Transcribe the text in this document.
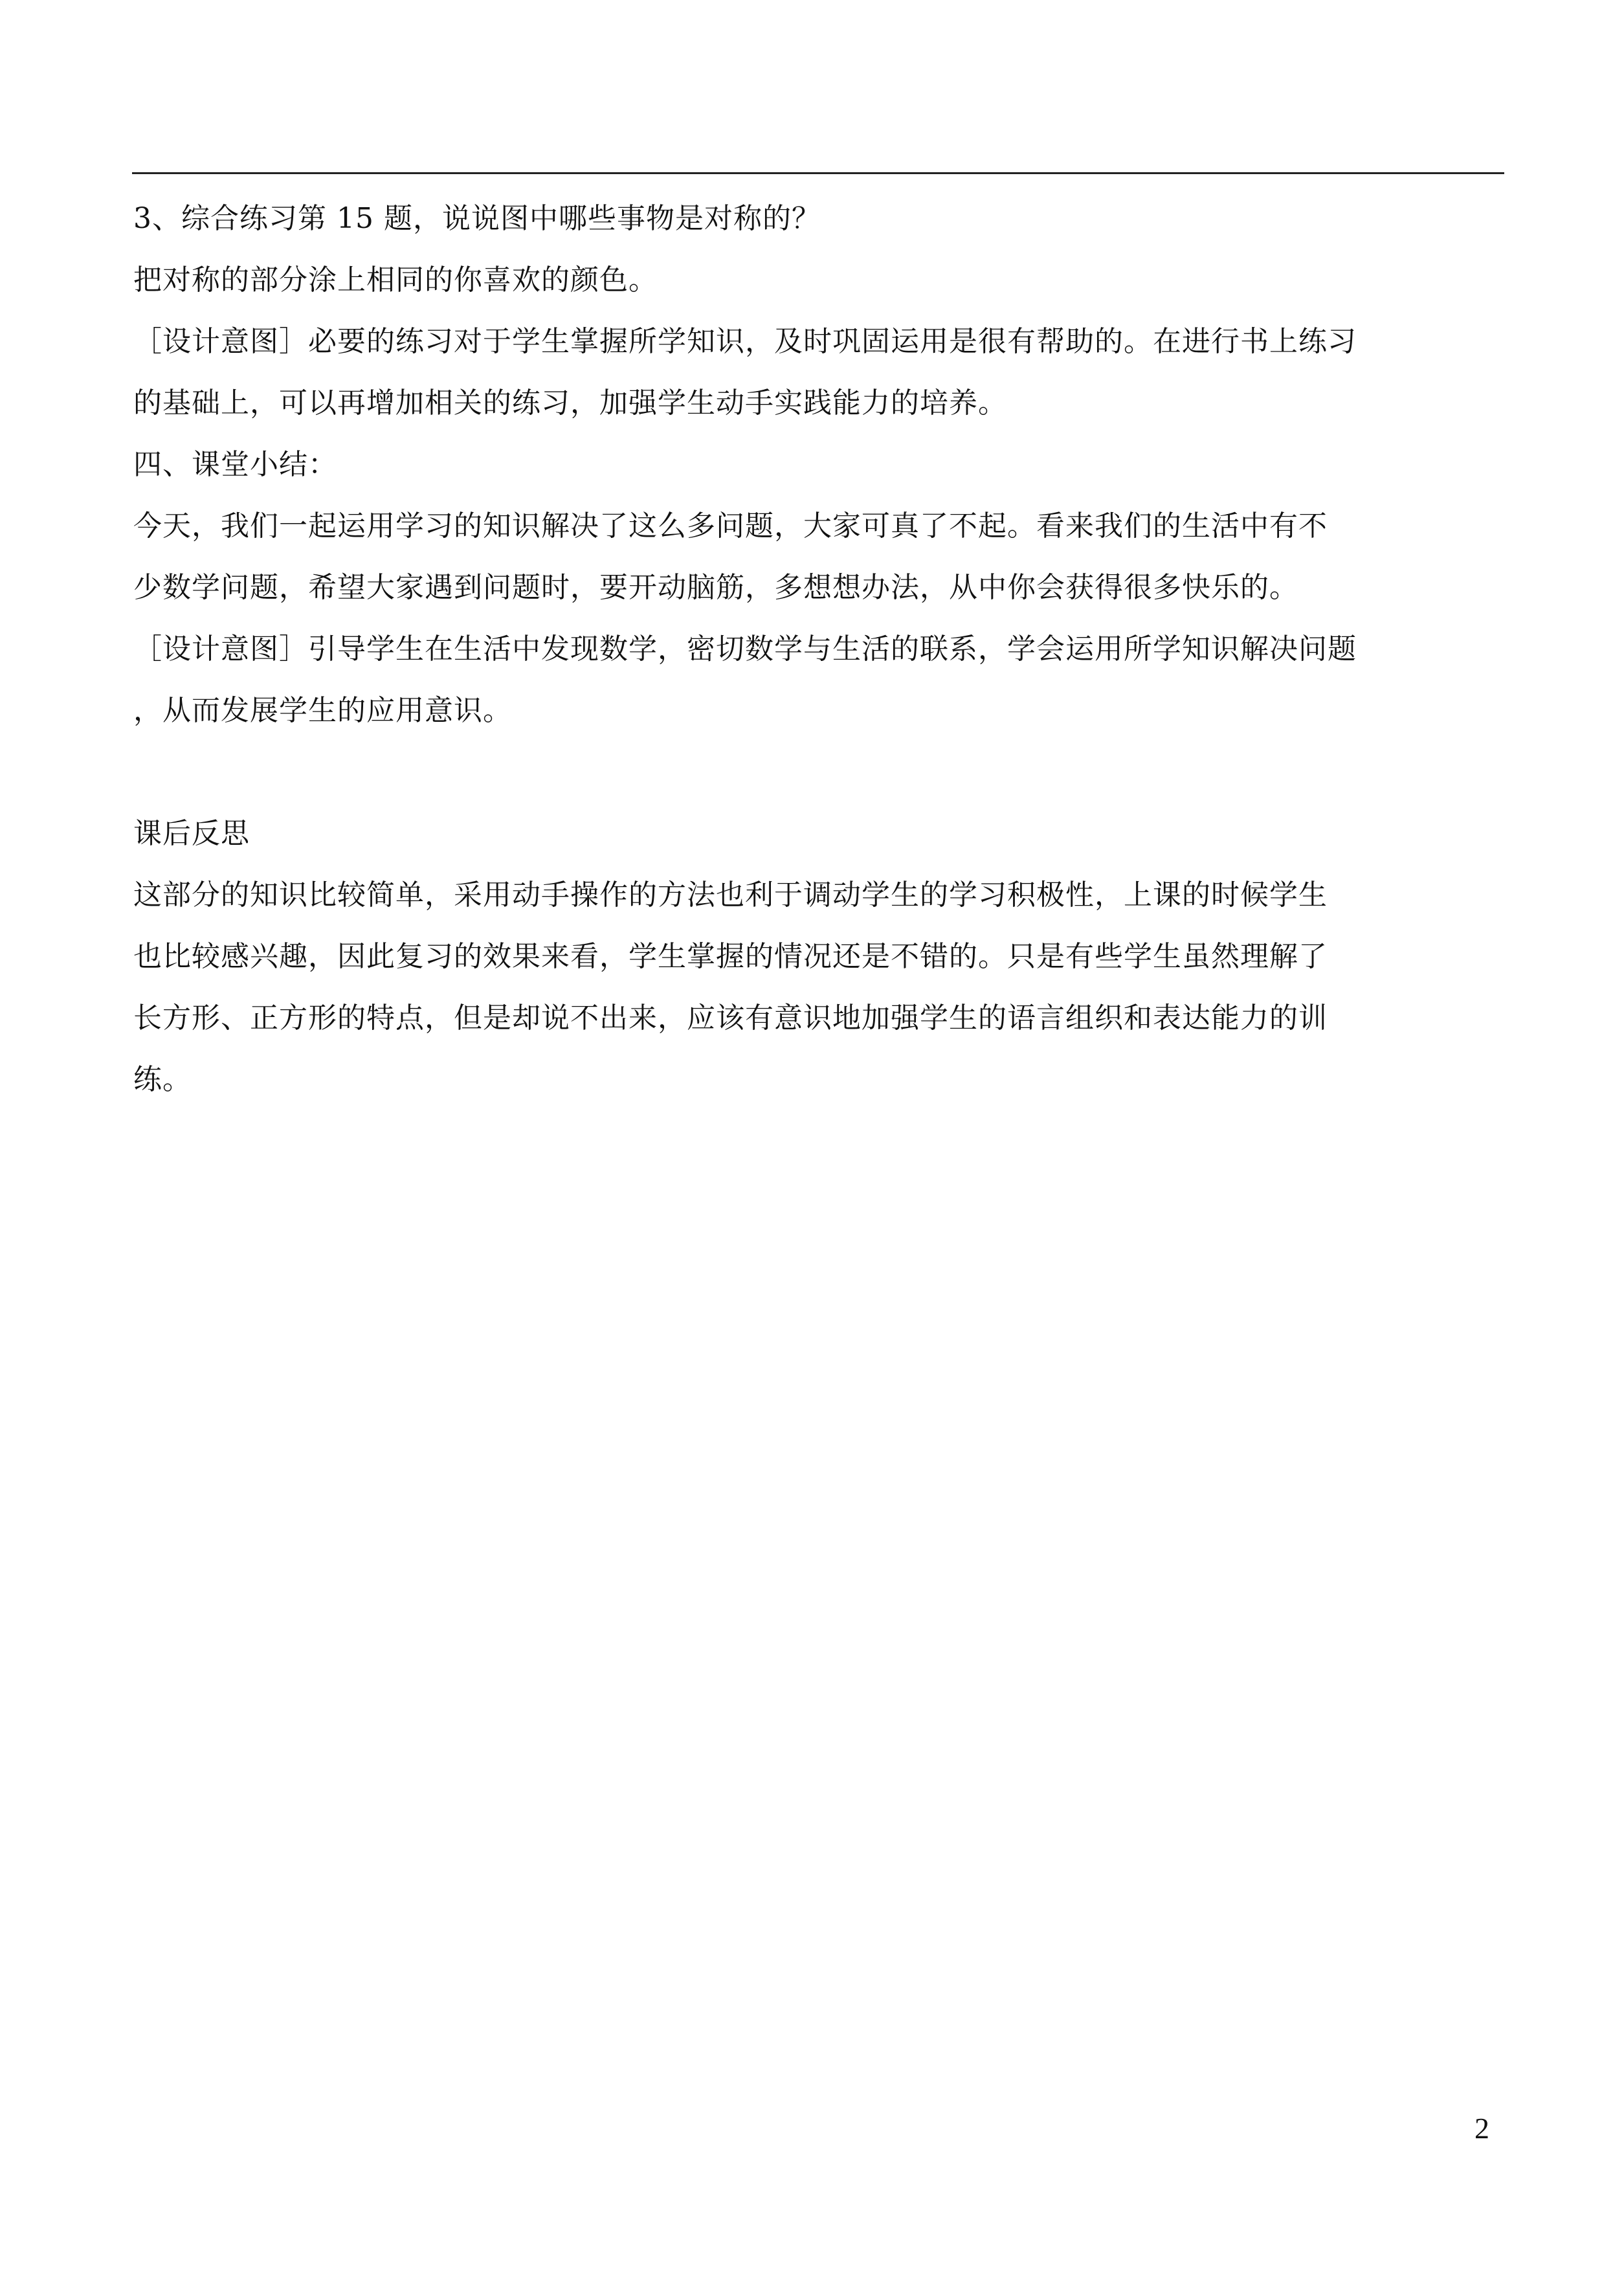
3、综合练习第 15 题，说说图中哪些事物是对称的？

把对称的部分涂上相同的你喜欢的颜色。

［设计意图］必要的练习对于学生掌握所学知识，及时巩固运用是很有帮助的。在进行书上练习

的基础上，可以再增加相关的练习，加强学生动手实践能力的培养。

四、课堂小结：

今天，我们一起运用学习的知识解决了这么多问题，大家可真了不起。看来我们的生活中有不

少数学问题，希望大家遇到问题时，要开动脑筋，多想想办法，从中你会获得很多快乐的。

［设计意图］引导学生在生活中发现数学，密切数学与生活的联系，学会运用所学知识解决问题

，从而发展学生的应用意识。

课后反思

这部分的知识比较简单，采用动手操作的方法也利于调动学生的学习积极性，上课的时候学生

也比较感兴趣，因此复习的效果来看，学生掌握的情况还是不错的。只是有些学生虽然理解了

长方形、正方形的特点，但是却说不出来，应该有意识地加强学生的语言组织和表达能力的训

练。

2
